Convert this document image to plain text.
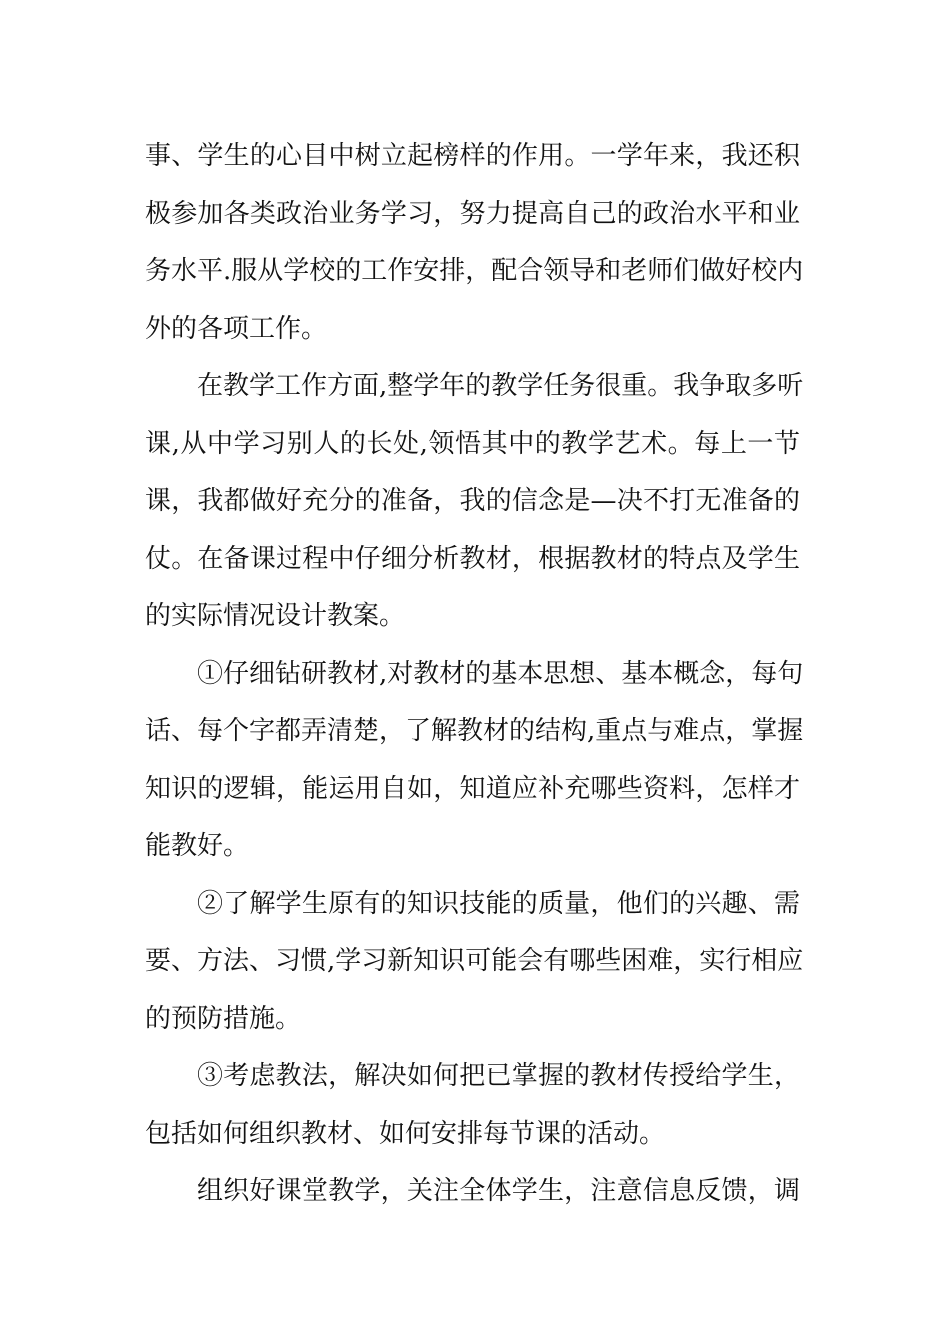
事、学生的心目中树立起榜样的作用。一学年来，我还积
极参加各类政治业务学习，努力提高自己的政治水平和业
务水平.服从学校的工作安排，配合领导和老师们做好校内
外的各项工作。
在教学工作方面,整学年的教学任务很重。我争取多听
课,从中学习别人的长处,领悟其中的教学艺术。每上一节
课，我都做好充分的准备，我的信念是—决不打无准备的
仗。在备课过程中仔细分析教材，根据教材的特点及学生
的实际情况设计教案。
①仔细钻研教材,对教材的基本思想、基本概念，每句
话、每个字都弄清楚，了解教材的结构,重点与难点，掌握
知识的逻辑，能运用自如，知道应补充哪些资料，怎样才
能教好。
②了解学生原有的知识技能的质量，他们的兴趣、需
要、方法、习惯,学习新知识可能会有哪些困难，实行相应
的预防措施。
③考虑教法，解决如何把已掌握的教材传授给学生，
包括如何组织教材、如何安排每节课的活动。
组织好课堂教学，关注全体学生，注意信息反馈，调
